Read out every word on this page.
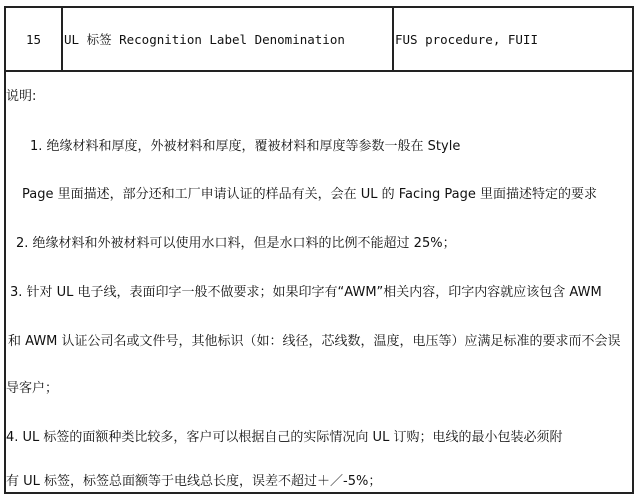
15 UL 标签 Recognition Label Denomination	FUS procedure, FUII
说明:
1. 绝缘材料和厚度，外被材料和厚度，覆被材料和厚度等参数一般在 Style
Page 里面描述，部分还和工厂申请认证的样品有关，会在 UL 的 Facing Page 里面描述特定的要求
2. 绝缘材料和外被材料可以使用水口料，但是水口料的比例不能超过 25%；
3. 针对 UL 电子线，表面印字一般不做要求；如果印字有“AWM”相关内容，印字内容就应该包含 AWM
和 AWM 认证公司名或文件号，其他标识（如：线径，芯线数，温度，电压等）应满足标准的要求而不会误
导客户；
4. UL 标签的面额种类比较多，客户可以根据自己的实际情况向 UL 订购；电线的最小包装必须附
有 UL 标签，标签总面额等于电线总长度，误差不超过＋／-5%；
